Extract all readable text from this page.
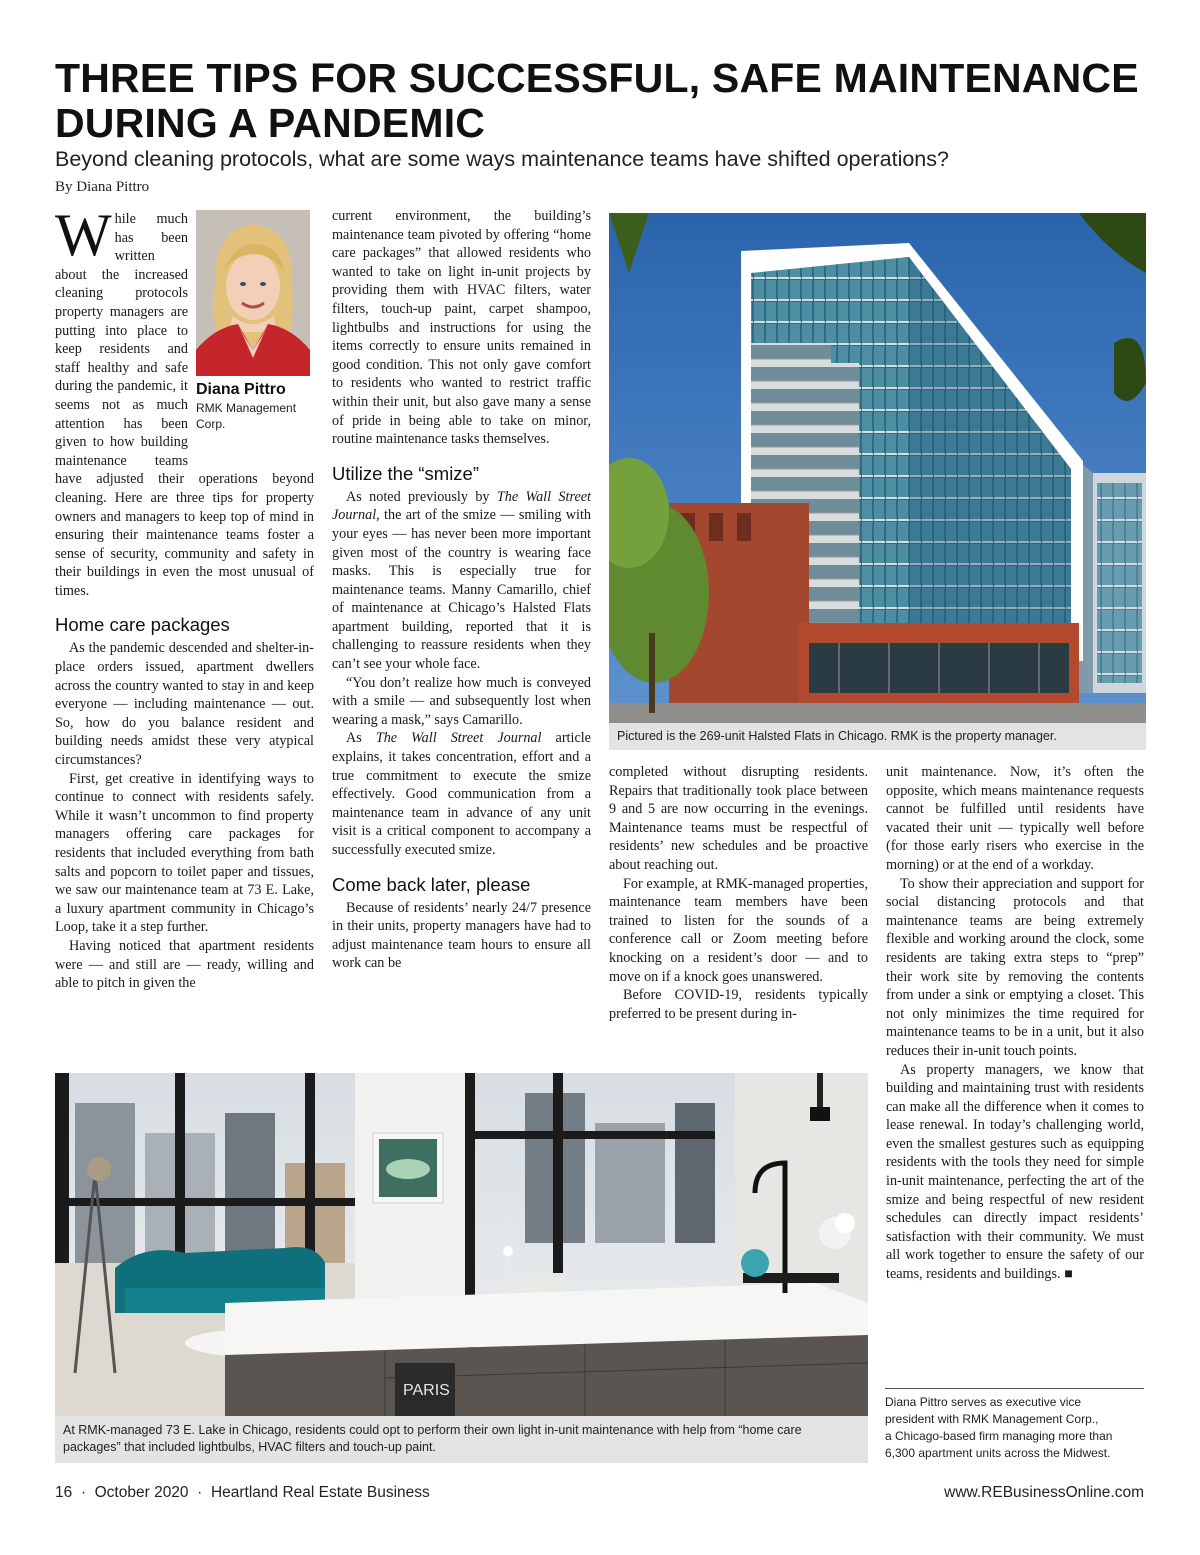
THREE TIPS FOR SUCCESSFUL, SAFE MAINTENANCE DURING A PANDEMIC
Beyond cleaning protocols, what are some ways maintenance teams have shifted operations?
By Diana Pittro
Diana Pittro
RMK Management Corp.

While much has been written about the increased cleaning protocols property managers are putting into place to keep residents and staff healthy and safe during the pandemic, it seems not as much attention has been given to how building maintenance teams have adjusted their operations beyond cleaning. Here are three tips for property owners and managers to keep top of mind in ensuring their maintenance teams foster a sense of security, community and safety in their buildings in even the most unusual of times.

Home care packages

As the pandemic descended and shelter-in-place orders issued, apartment dwellers across the country wanted to stay in and keep everyone — including maintenance — out. So, how do you balance resident and building needs amidst these very atypical circumstances?

First, get creative in identifying ways to continue to connect with residents safely. While it wasn’t uncommon to find property managers offering care packages for residents that included everything from bath salts and popcorn to toilet paper and tissues, we saw our maintenance team at 73 E. Lake, a luxury apartment community in Chicago’s Loop, take it a step further.

Having noticed that apartment residents were — and still are — ready, willing and able to pitch in given the

current environment, the building’s maintenance team pivoted by offering “home care packages” that allowed residents who wanted to take on light in-unit projects by providing them with HVAC filters, water filters, touch-up paint, carpet shampoo, lightbulbs and instructions for using the items correctly to ensure units remained in good condition. This not only gave comfort to residents who wanted to restrict traffic within their unit, but also gave many a sense of pride in being able to take on minor, routine maintenance tasks themselves.

Utilize the “smize”

As noted previously by The Wall Street Journal, the art of the smize — smiling with your eyes — has never been more important given most of the country is wearing face masks. This is especially true for maintenance teams. Manny Camarillo, chief of maintenance at Chicago’s Halsted Flats apartment building, reported that it is challenging to reassure residents when they can’t see your whole face.

“You don’t realize how much is conveyed with a smile — and subsequently lost when wearing a mask,” says Camarillo.

As The Wall Street Journal article explains, it takes concentration, effort and a true commitment to execute the smize effectively. Good communication from a maintenance team in advance of any unit visit is a critical component to accompany a successfully executed smize.

Come back later, please

Because of residents’ nearly 24/7 presence in their units, property managers have had to adjust maintenance team hours to ensure all work can be

Pictured is the 269-unit Halsted Flats in Chicago. RMK is the property manager.

completed without disrupting residents. Repairs that traditionally took place between 9 and 5 are now occurring in the evenings. Maintenance teams must be respectful of residents’ new schedules and be proactive about reaching out.

For example, at RMK-managed properties, maintenance team members have been trained to listen for the sounds of a conference call or Zoom meeting before knocking on a resident’s door — and to move on if a knock goes unanswered.

Before COVID-19, residents typically preferred to be present during in-

unit maintenance. Now, it’s often the opposite, which means maintenance requests cannot be fulfilled until residents have vacated their unit — typically well before (for those early risers who exercise in the morning) or at the end of a workday.

To show their appreciation and support for social distancing protocols and that maintenance teams are being extremely flexible and working around the clock, some residents are taking extra steps to “prep” their work site by removing the contents from under a sink or emptying a closet. This not only minimizes the time required for maintenance teams to be in a unit, but it also reduces their in-unit touch points.

As property managers, we know that building and maintaining trust with residents can make all the difference when it comes to lease renewal. In today’s challenging world, even the smallest gestures such as equipping residents with the tools they need for simple in-unit maintenance, perfecting the art of the smize and being respectful of new resident schedules can directly impact residents’ satisfaction with their community. We must all work together to ensure the safety of our teams, residents and buildings. ■

PARIS
At RMK-managed 73 E. Lake in Chicago, residents could opt to perform their own light in-unit maintenance with help from “home care packages” that included lightbulbs, HVAC filters and touch-up paint.
Diana Pittro serves as executive vice
president with RMK Management Corp.,
a Chicago-based firm managing more than
6,300 apartment units across the Midwest.
16  ·  October 2020  ·  Heartland Real Estate Business	www.REBusinessOnline.com
